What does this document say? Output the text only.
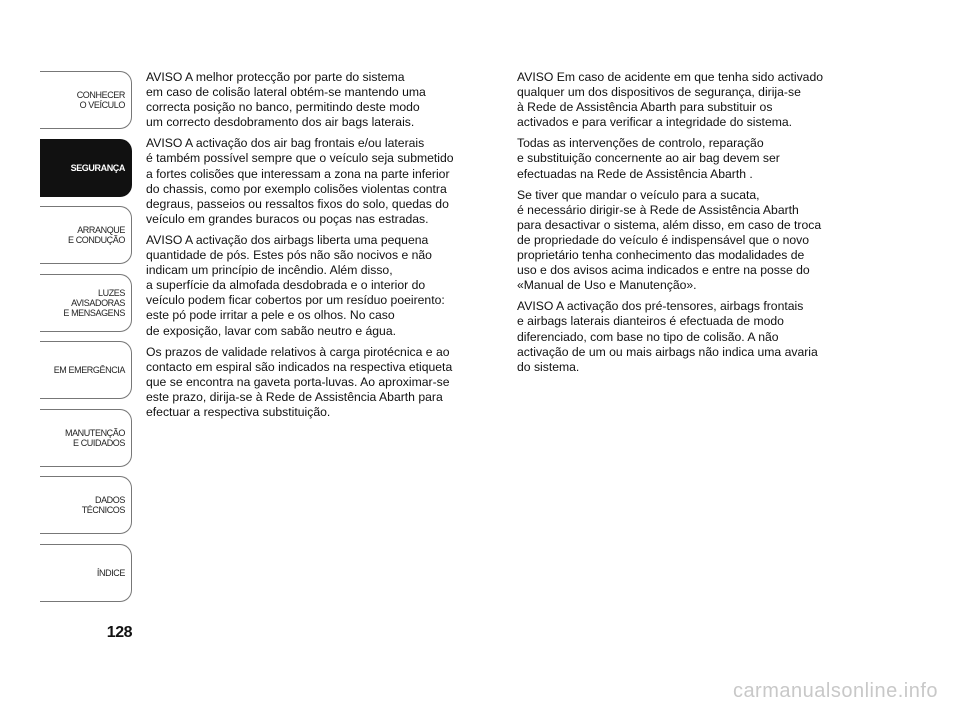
CONHECER
O VEÍCULO
SEGURANÇA
ARRANQUE
E CONDUÇÃO
LUZES
AVISADORAS
E MENSAGENS
EM EMERGÊNCIA
MANUTENÇÃO
E CUIDADOS
DADOS
TÉCNICOS
ÍNDICE
128

AVISO A melhor protecção por parte do sistema
em caso de colisão lateral obtém-se mantendo uma
correcta posição no banco, permitindo deste modo
um correcto desdobramento dos air bags laterais.

AVISO A activação dos air bag frontais e/ou laterais
é também possível sempre que o veículo seja submetido
a fortes colisões que interessam a zona na parte inferior
do chassis, como por exemplo colisões violentas contra
degraus, passeios ou ressaltos fixos do solo, quedas do
veículo em grandes buracos ou poças nas estradas.

AVISO A activação dos airbags liberta uma pequena
quantidade de pós. Estes pós não são nocivos e não
indicam um princípio de incêndio. Além disso,
a superfície da almofada desdobrada e o interior do
veículo podem ficar cobertos por um resíduo poeirento:
este pó pode irritar a pele e os olhos. No caso
de exposição, lavar com sabão neutro e água.

Os prazos de validade relativos à carga pirotécnica e ao
contacto em espiral são indicados na respectiva etiqueta
que se encontra na gaveta porta-luvas. Ao aproximar-se
este prazo, dirija-se à Rede de Assistência Abarth para
efectuar a respectiva substituição.

AVISO Em caso de acidente em que tenha sido activado
qualquer um dos dispositivos de segurança, dirija-se
à Rede de Assistência Abarth para substituir os
activados e para verificar a integridade do sistema.

Todas as intervenções de controlo, reparação
e substituição concernente ao air bag devem ser
efectuadas na Rede de Assistência Abarth .

Se tiver que mandar o veículo para a sucata,
é necessário dirigir-se à Rede de Assistência Abarth
para desactivar o sistema, além disso, em caso de troca
de propriedade do veículo é indispensável que o novo
proprietário tenha conhecimento das modalidades de
uso e dos avisos acima indicados e entre na posse do
«Manual de Uso e Manutenção».

AVISO A activação dos pré-tensores, airbags frontais
e airbags laterais dianteiros é efectuada de modo
diferenciado, com base no tipo de colisão. A não
activação de um ou mais airbags não indica uma avaria
do sistema.

carmanualsonline.info
